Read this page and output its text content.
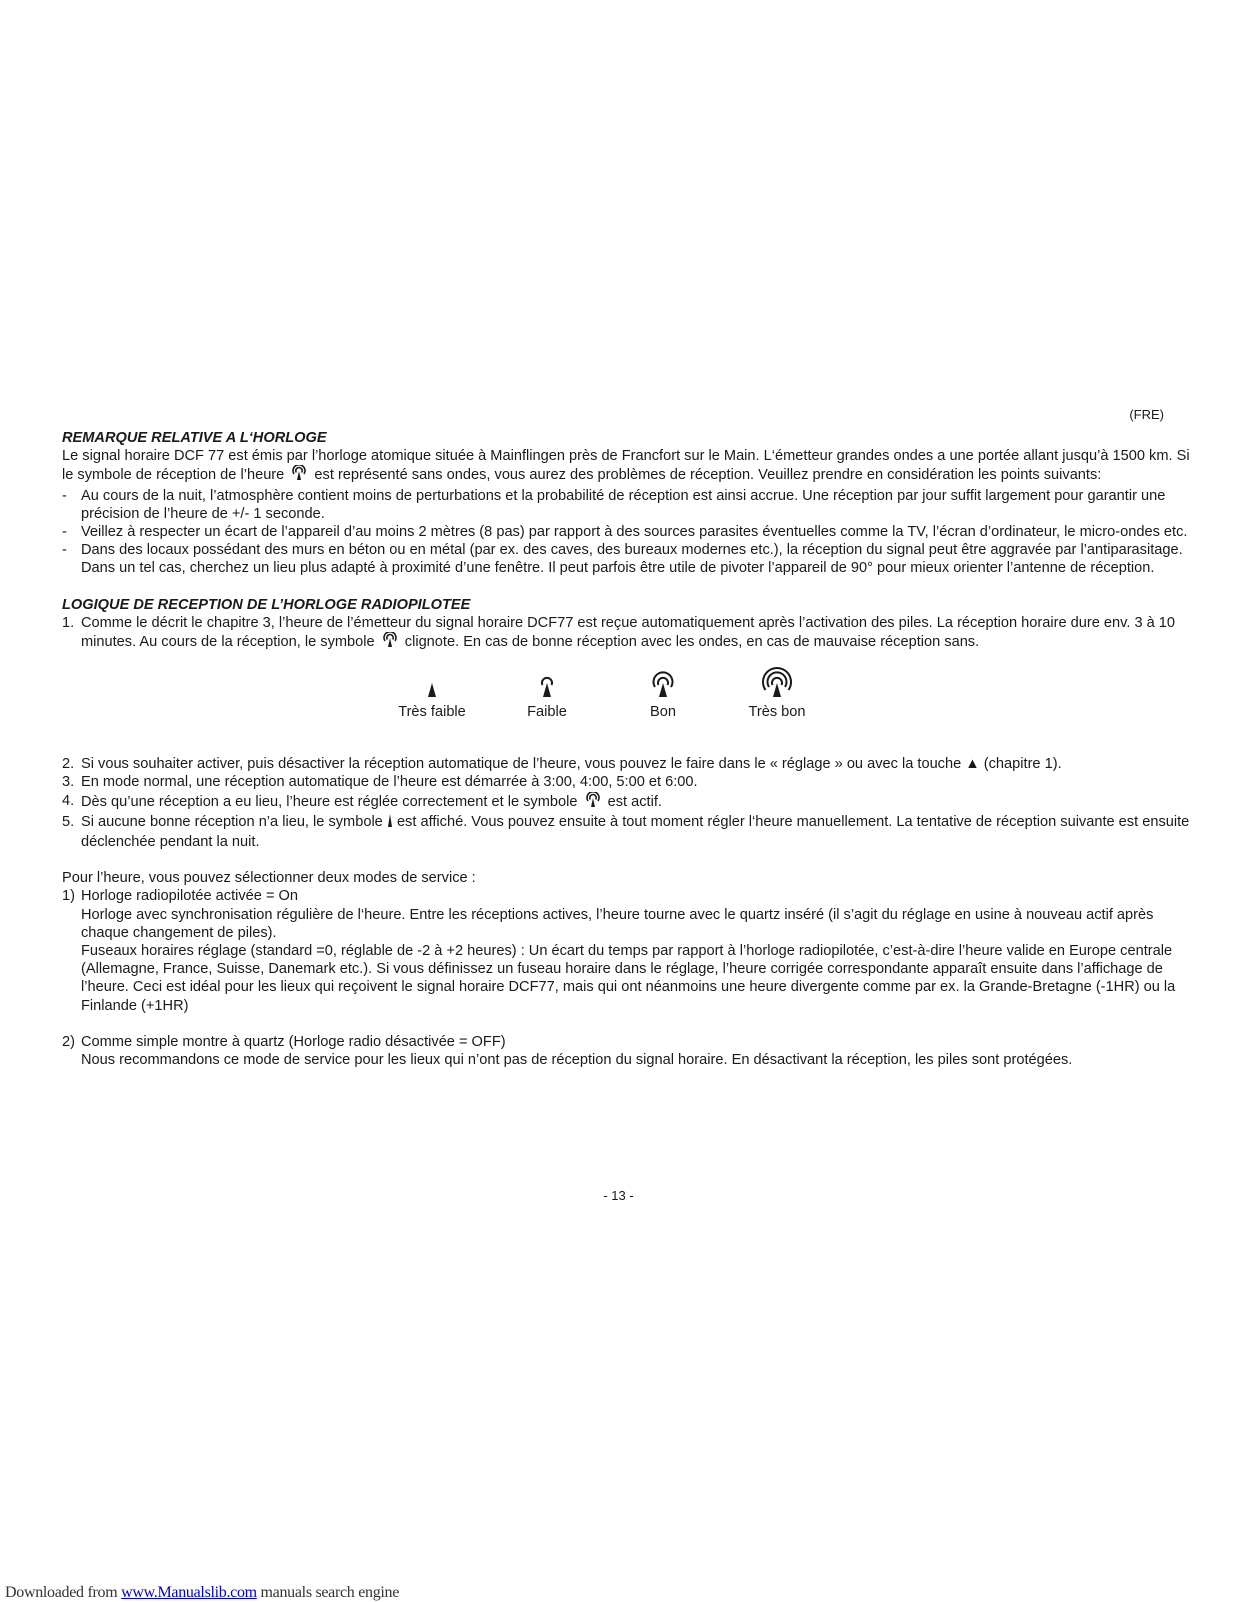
(FRE)

REMARQUE RELATIVE A L‘HORLOGE

Le signal horaire DCF 77 est émis par l’horloge atomique située à Mainflingen près de Francfort sur le Main. L‘émetteur grandes ondes a une portée allant jusqu’à 1500 km. Si le symbole de réception de l’heure est représenté sans ondes, vous aurez des problèmes de réception. Veuillez prendre en considération les points suivants:

- Au cours de la nuit, l’atmosphère contient moins de perturbations et la probabilité de réception est ainsi accrue. Une réception par jour suffit largement pour garantir une précision de l’heure de +/- 1 seconde.
- Veillez à respecter un écart de l’appareil d’au moins 2 mètres (8 pas) par rapport à des sources parasites éventuelles comme la TV, l’écran d’ordinateur, le micro-ondes etc.
- Dans des locaux possédant des murs en béton ou en métal (par ex. des caves, des bureaux modernes etc.), la réception du signal peut être aggravée par l’antiparasitage. Dans un tel cas, cherchez un lieu plus adapté à proximité d’une fenêtre. Il peut parfois être utile de pivoter l’appareil de 90° pour mieux orienter l’antenne de réception.

LOGIQUE DE RECEPTION DE L’HORLOGE RADIOPILOTEE

1. Comme le décrit le chapitre 3, l’heure de l’émetteur du signal horaire DCF77 est reçue automatiquement après l’activation des piles. La réception horaire dure env. 3 à 10 minutes. Au cours de la réception, le symbole clignote. En cas de bonne réception avec les ondes, en cas de mauvaise réception sans.
Très faible	Faible	Bon	Très bon
2. Si vous souhaiter activer, puis désactiver la réception automatique de l’heure, vous pouvez le faire dans le « réglage » ou avec la touche ▲ (chapitre 1).
3. En mode normal, une réception automatique de l’heure est démarrée à 3:00, 4:00, 5:00 et 6:00.
4. Dès qu’une réception a eu lieu, l’heure est réglée correctement et le symbole est actif.
5. Si aucune bonne réception n’a lieu, le symbole est affiché. Vous pouvez ensuite à tout moment régler l‘heure manuellement. La tentative de réception suivante est ensuite déclenchée pendant la nuit.

Pour l’heure, vous pouvez sélectionner deux modes de service :

1) Horloge radiopilotée activée = On

Horloge avec synchronisation régulière de l‘heure. Entre les réceptions actives, l’heure tourne avec le quartz inséré (il s’agit du réglage en usine à nouveau actif après chaque changement de piles).

Fuseaux horaires réglage (standard =0, réglable de -2 à +2 heures) : Un écart du temps par rapport à l’horloge radiopilotée, c’est-à-dire l’heure valide en Europe centrale (Allemagne, France, Suisse, Danemark etc.). Si vous définissez un fuseau horaire dans le réglage, l’heure corrigée correspondante apparaît ensuite dans l’affichage de l’heure. Ceci est idéal pour les lieux qui reçoivent le signal horaire DCF77, mais qui ont néanmoins une heure divergente comme par ex. la Grande-Bretagne (-1HR) ou la Finlande (+1HR)

2) Comme simple montre à quartz (Horloge radio désactivée = OFF)

Nous recommandons ce mode de service pour les lieux qui n’ont pas de réception du signal horaire. En désactivant la réception, les piles sont protégées.

- 13 -
Downloaded from www.Manualslib.com manuals search engine
